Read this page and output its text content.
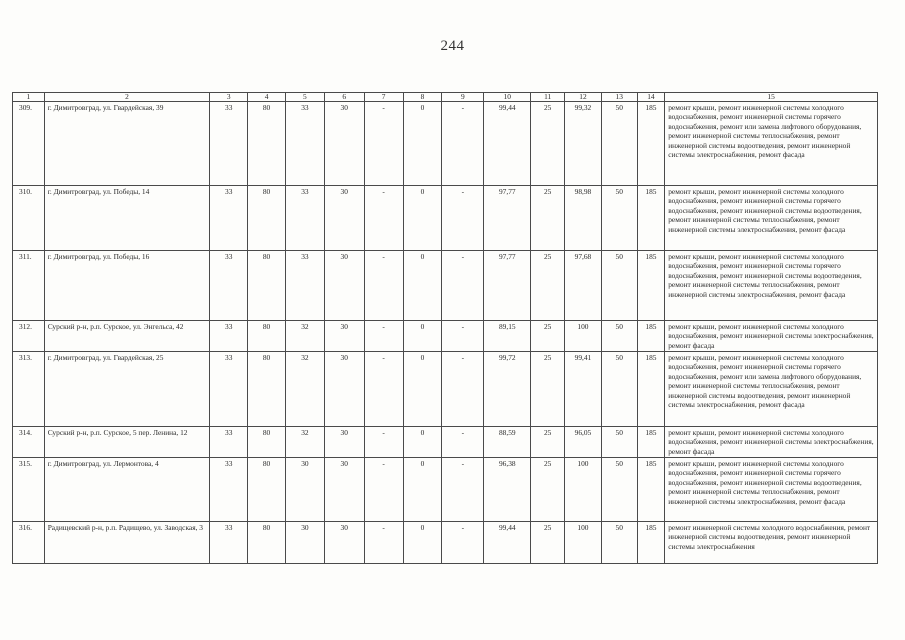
244
1	2	3	4	5	6	7	8	9	10	11	12	13	14	15
309.	г. Димитровград, ул. Гвардейская, 39	33	80	33	30	-	0	-	99,44	25	99,32	50	185	ремонт крыши, ремонт инженерной системы холодного водоснабжения, ремонт инженерной системы горячего водоснабжения, ремонт или замена лифтового оборудования, ремонт инженерной системы теплоснабжения, ремонт инженерной системы водоотведения, ремонт инженерной системы электроснабжения, ремонт фасада
310.	г. Димитровград, ул. Победы, 14	33	80	33	30	-	0	-	97,77	25	98,98	50	185	ремонт крыши, ремонт инженерной системы холодного водоснабжения, ремонт инженерной системы горячего водоснабжения, ремонт инженерной системы водоотведения, ремонт инженерной системы теплоснабжения, ремонт инженерной системы электроснабжения, ремонт фасада
311.	г. Димитровград, ул. Победы, 16	33	80	33	30	-	0	-	97,77	25	97,68	50	185	ремонт крыши, ремонт инженерной системы холодного водоснабжения, ремонт инженерной системы горячего водоснабжения, ремонт инженерной системы водоотведения, ремонт инженерной системы теплоснабжения, ремонт инженерной системы электроснабжения, ремонт фасада
312.	Сурский р-н, р.п. Сурское, ул. Энгельса, 42	33	80	32	30	-	0	-	89,15	25	100	50	185	ремонт крыши, ремонт инженерной системы холодного водоснабжения, ремонт инженерной системы электроснабжения, ремонт фасада
313.	г. Димитровград, ул. Гвардейская, 25	33	80	32	30	-	0	-	99,72	25	99,41	50	185	ремонт крыши, ремонт инженерной системы холодного водоснабжения, ремонт инженерной системы горячего водоснабжения, ремонт или замена лифтового оборудования, ремонт инженерной системы теплоснабжения, ремонт инженерной системы водоотведения, ремонт инженерной системы электроснабжения, ремонт фасада
314.	Сурский р-н, р.п. Сурское, 5 пер. Ленина, 12	33	80	32	30	-	0	-	88,59	25	96,05	50	185	ремонт крыши, ремонт инженерной системы холодного водоснабжения, ремонт инженерной системы электроснабжения, ремонт фасада
315.	г. Димитровград, ул. Лермонтова, 4	33	80	30	30	-	0	-	96,38	25	100	50	185	ремонт крыши, ремонт инженерной системы холодного водоснабжения, ремонт инженерной системы горячего водоснабжения, ремонт инженерной системы водоотведения, ремонт инженерной системы теплоснабжения, ремонт инженерной системы электроснабжения, ремонт фасада
316.	Радищевский р-н, р.п. Радищево, ул. Заводская, 3	33	80	30	30	-	0	-	99,44	25	100	50	185	ремонт инженерной системы холодного водоснабжения, ремонт инженерной системы водоотведения, ремонт инженерной системы электроснабжения
